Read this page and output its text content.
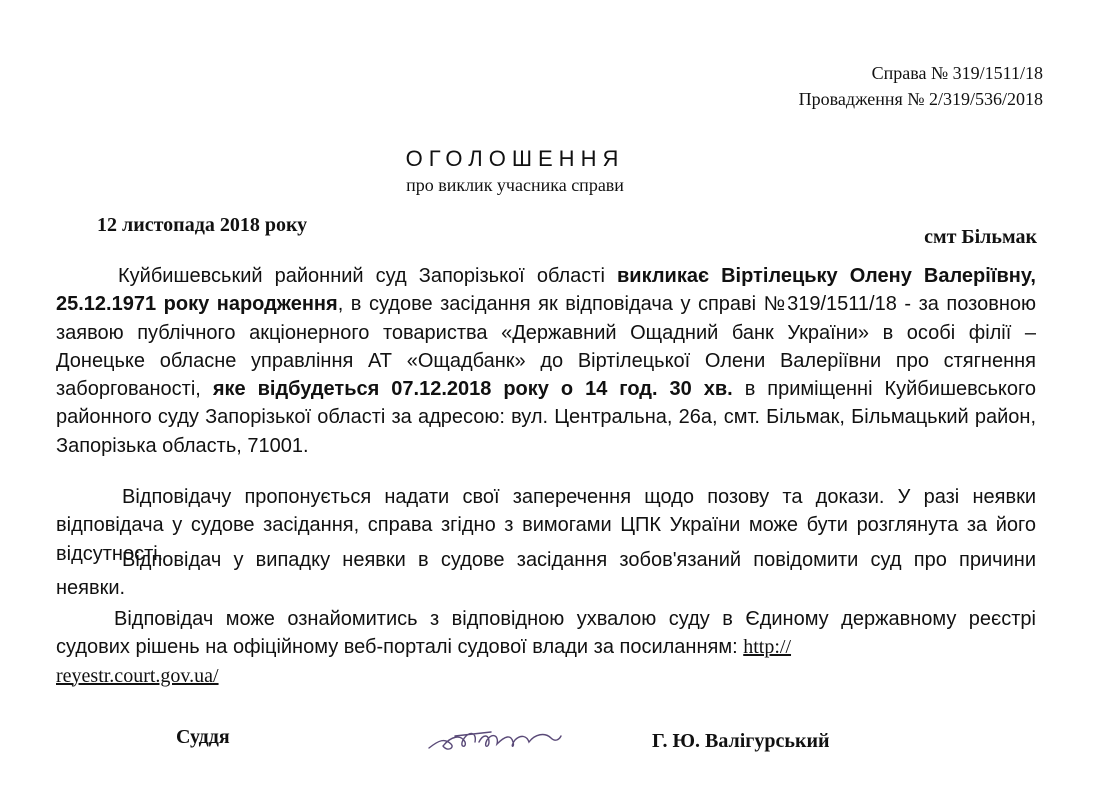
Справа № 319/1511/18
Провадження № 2/319/536/2018
ОГОЛОШЕННЯ
про виклик учасника справи
12 листопада 2018 року
смт Більмак
Куйбишевський районний суд Запорізької області викликає Віртілецьку Олену Валеріївну, 25.12.1971 року народження, в судове засідання як відповідача у справі №319/1511/18 - за позовною заявою публічного акціонерного товариства «Державний Ощадний банк України» в особі філії – Донецьке обласне управління АТ «Ощадбанк» до Віртілецької Олени Валеріївни про стягнення заборгованості, яке відбудеться 07.12.2018 року о 14 год. 30 хв. в приміщенні Куйбишевського районного суду Запорізької області за адресою: вул. Центральна, 26а, смт. Більмак, Більмацький район, Запорізька область, 71001.
Відповідачу пропонується надати свої заперечення щодо позову та докази. У разі неявки відповідача у судове засідання, справа згідно з вимогами ЦПК України може бути розглянута за його відсутності.
Відповідач у випадку неявки в судове засідання зобов'язаний повідомити суд про причини неявки.
Відповідач може ознайомитись з відповідною ухвалою суду в Єдиному державному реєстрі судових рішень на офіційному веб-порталі судової влади за посиланням: http://
reyestr.court.gov.ua/
Суддя	Г. Ю. Валігурський
